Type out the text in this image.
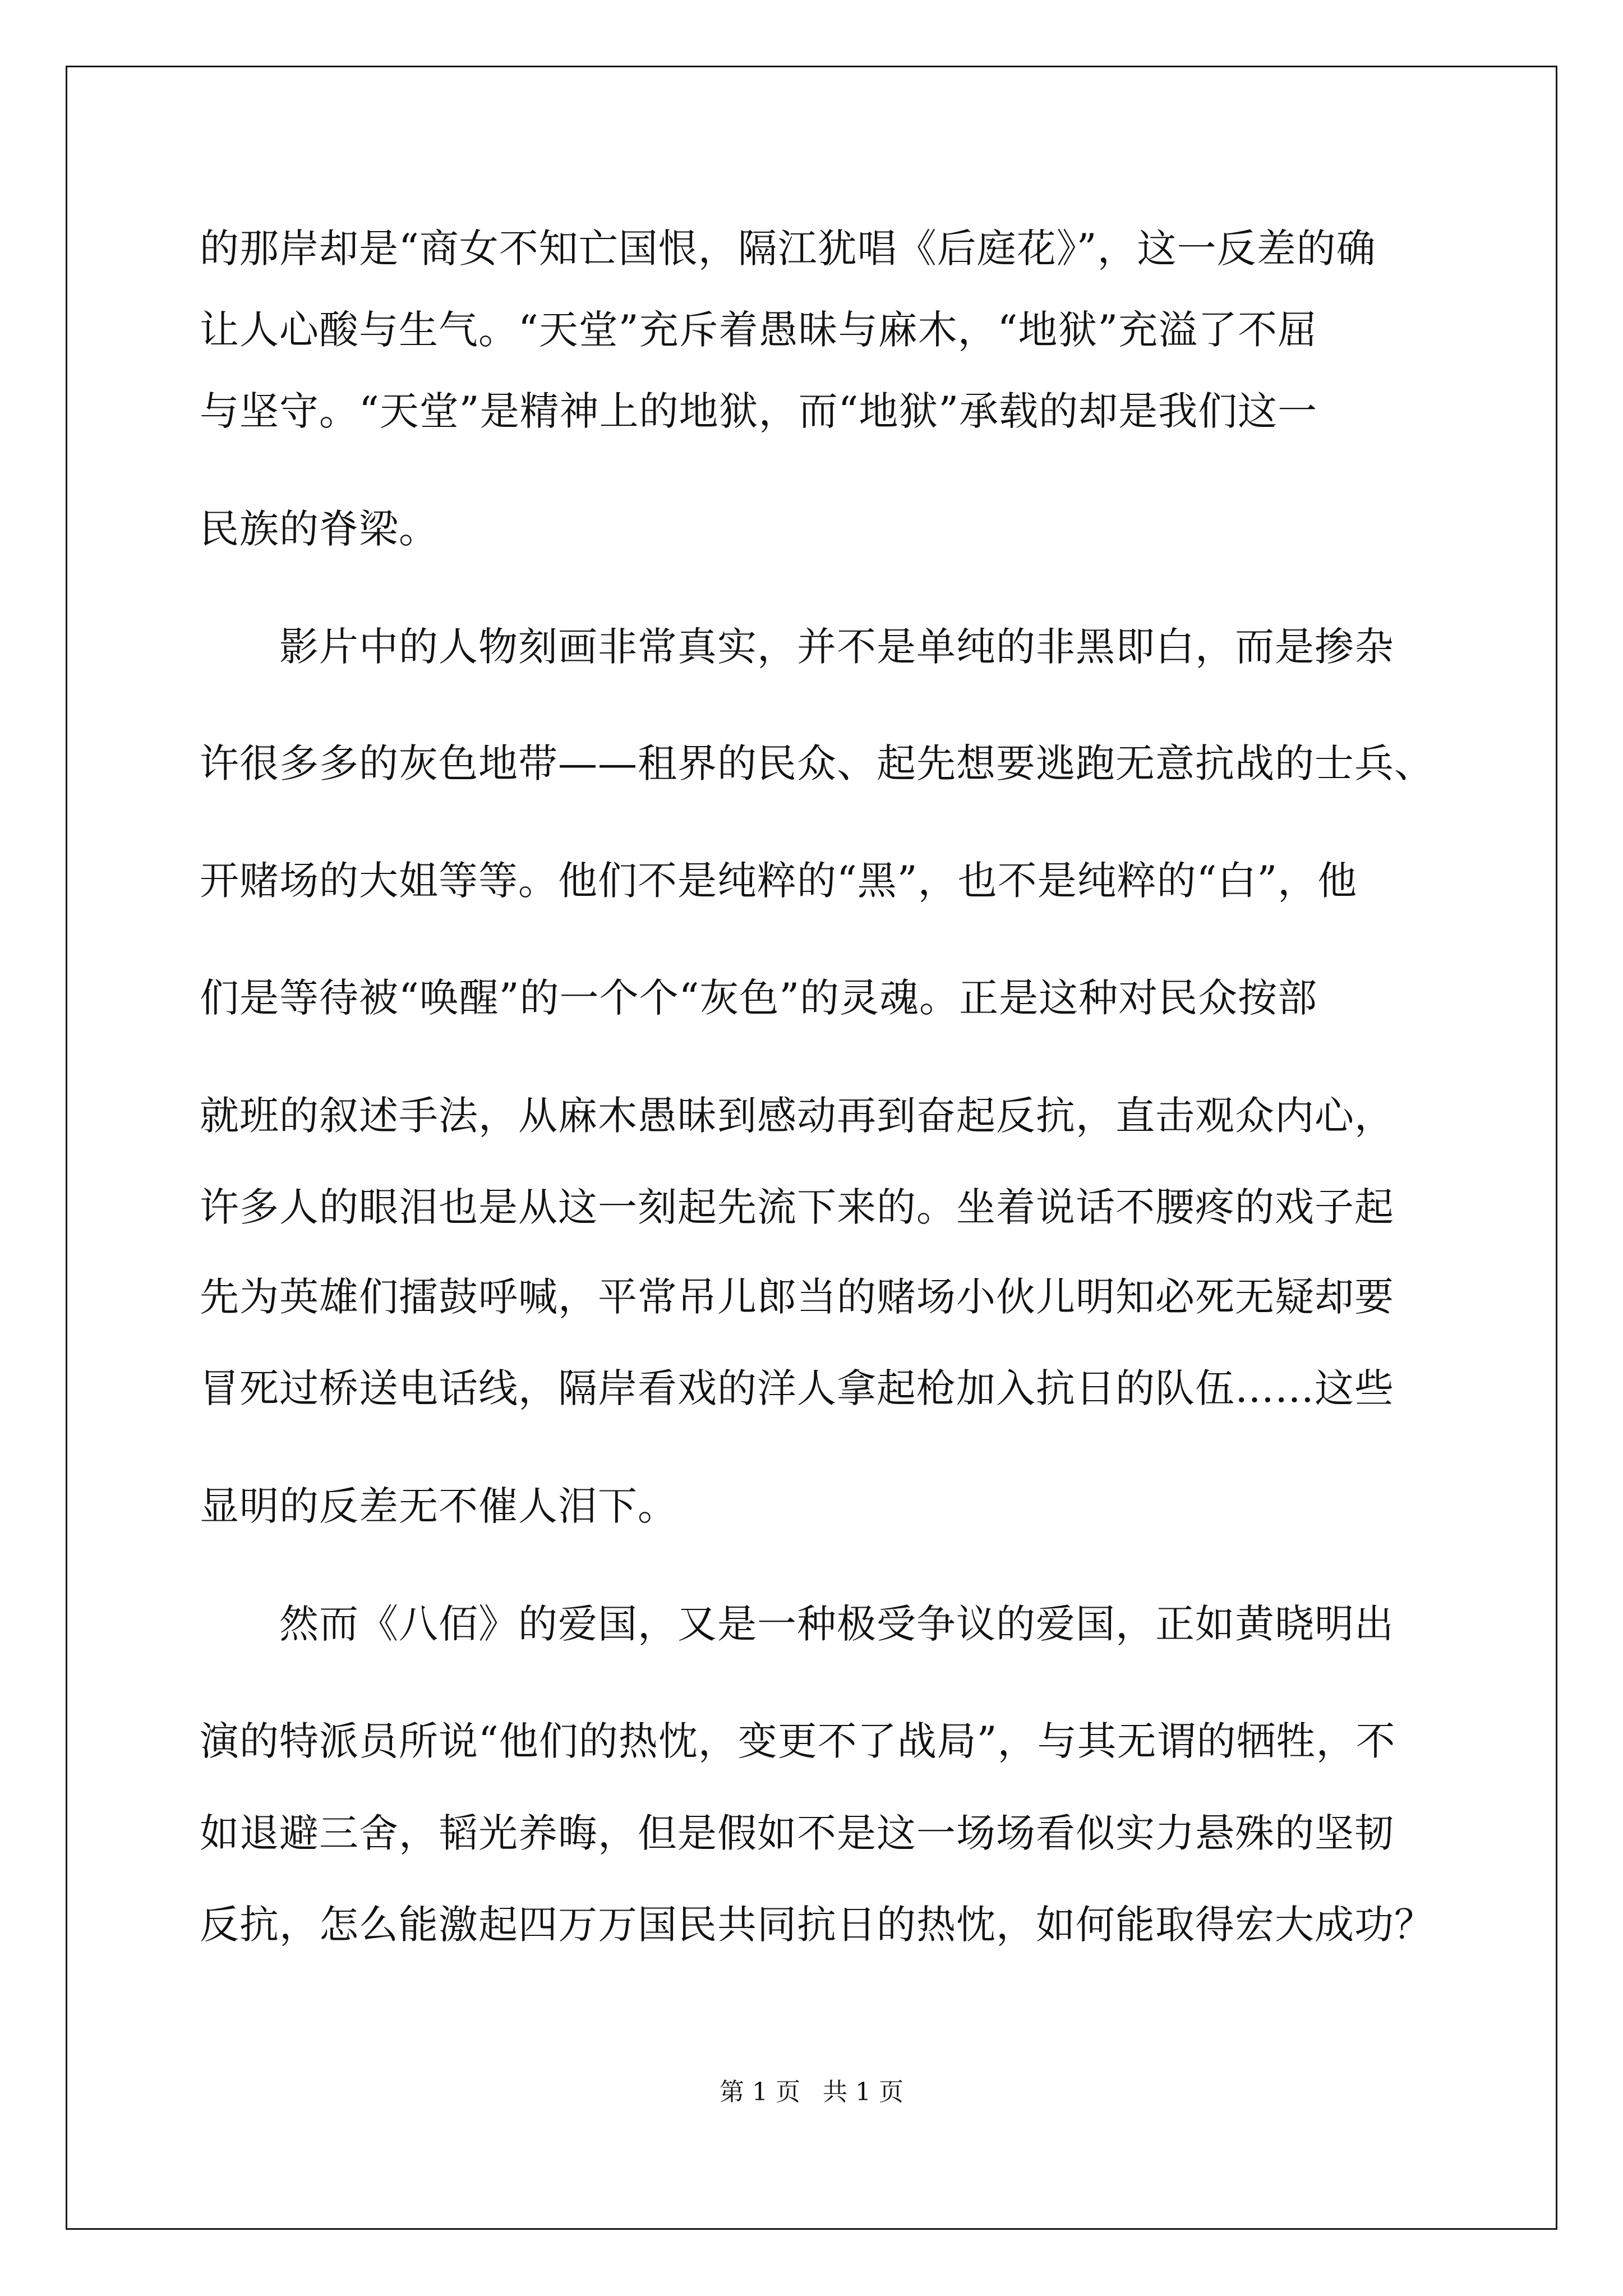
的那岸却是“商女不知亡国恨，隔江犹唱《后庭花》”，这一反差的确
让人心酸与生气。“天堂”充斥着愚昧与麻木，“地狱”充溢了不屈
与坚守。“天堂”是精神上的地狱，而“地狱”承载的却是我们这一
民族的脊梁。
影片中的人物刻画非常真实，并不是单纯的非黑即白，而是掺杂
许很多多的灰色地带——租界的民众、起先想要逃跑无意抗战的士兵、
开赌场的大姐等等。他们不是纯粹的“黑”，也不是纯粹的“白”，他
们是等待被“唤醒”的一个个“灰色”的灵魂。正是这种对民众按部
就班的叙述手法，从麻木愚昧到感动再到奋起反抗，直击观众内心，
许多人的眼泪也是从这一刻起先流下来的。坐着说话不腰疼的戏子起
先为英雄们擂鼓呼喊，平常吊儿郎当的赌场小伙儿明知必死无疑却要
冒死过桥送电话线，隔岸看戏的洋人拿起枪加入抗日的队伍……这些
显明的反差无不催人泪下。
然而《八佰》的爱国，又是一种极受争议的爱国，正如黄晓明出
演的特派员所说“他们的热忱，变更不了战局”，与其无谓的牺牲，不
如退避三舍，韬光养晦，但是假如不是这一场场看似实力悬殊的坚韧
反抗，怎么能激起四万万国民共同抗日的热忱，如何能取得宏大成功？
第 1 页 共 1 页
